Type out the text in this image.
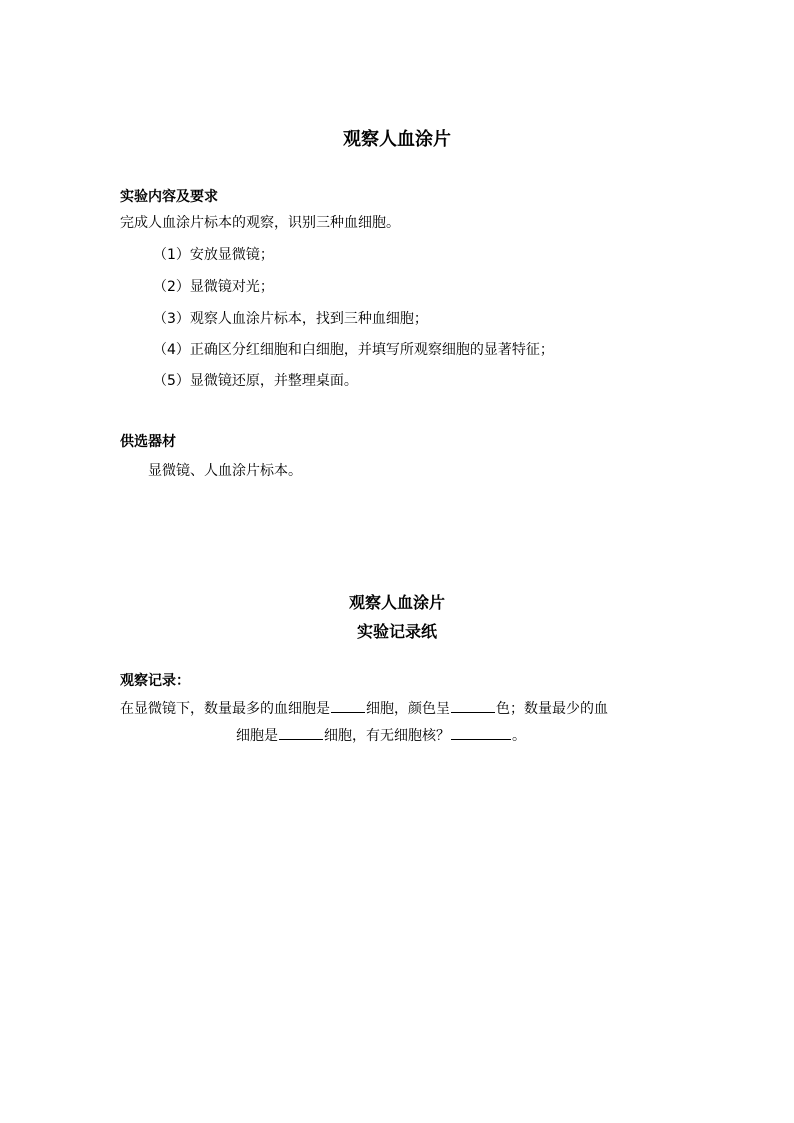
观察人血涂片
实验内容及要求
完成人血涂片标本的观察，识别三种血细胞。
（1）安放显微镜；
（2）显微镜对光；
（3）观察人血涂片标本，找到三种血细胞；
（4）正确区分红细胞和白细胞，并填写所观察细胞的显著特征；
（5）显微镜还原，并整理桌面。
供选器材
显微镜、人血涂片标本。
观察人血涂片
实验记录纸
观察记录：
在显微镜下，数量最多的血细胞是	细胞，颜色呈	色；数量最少的血
细胞是	细胞，有无细胞核？	。
